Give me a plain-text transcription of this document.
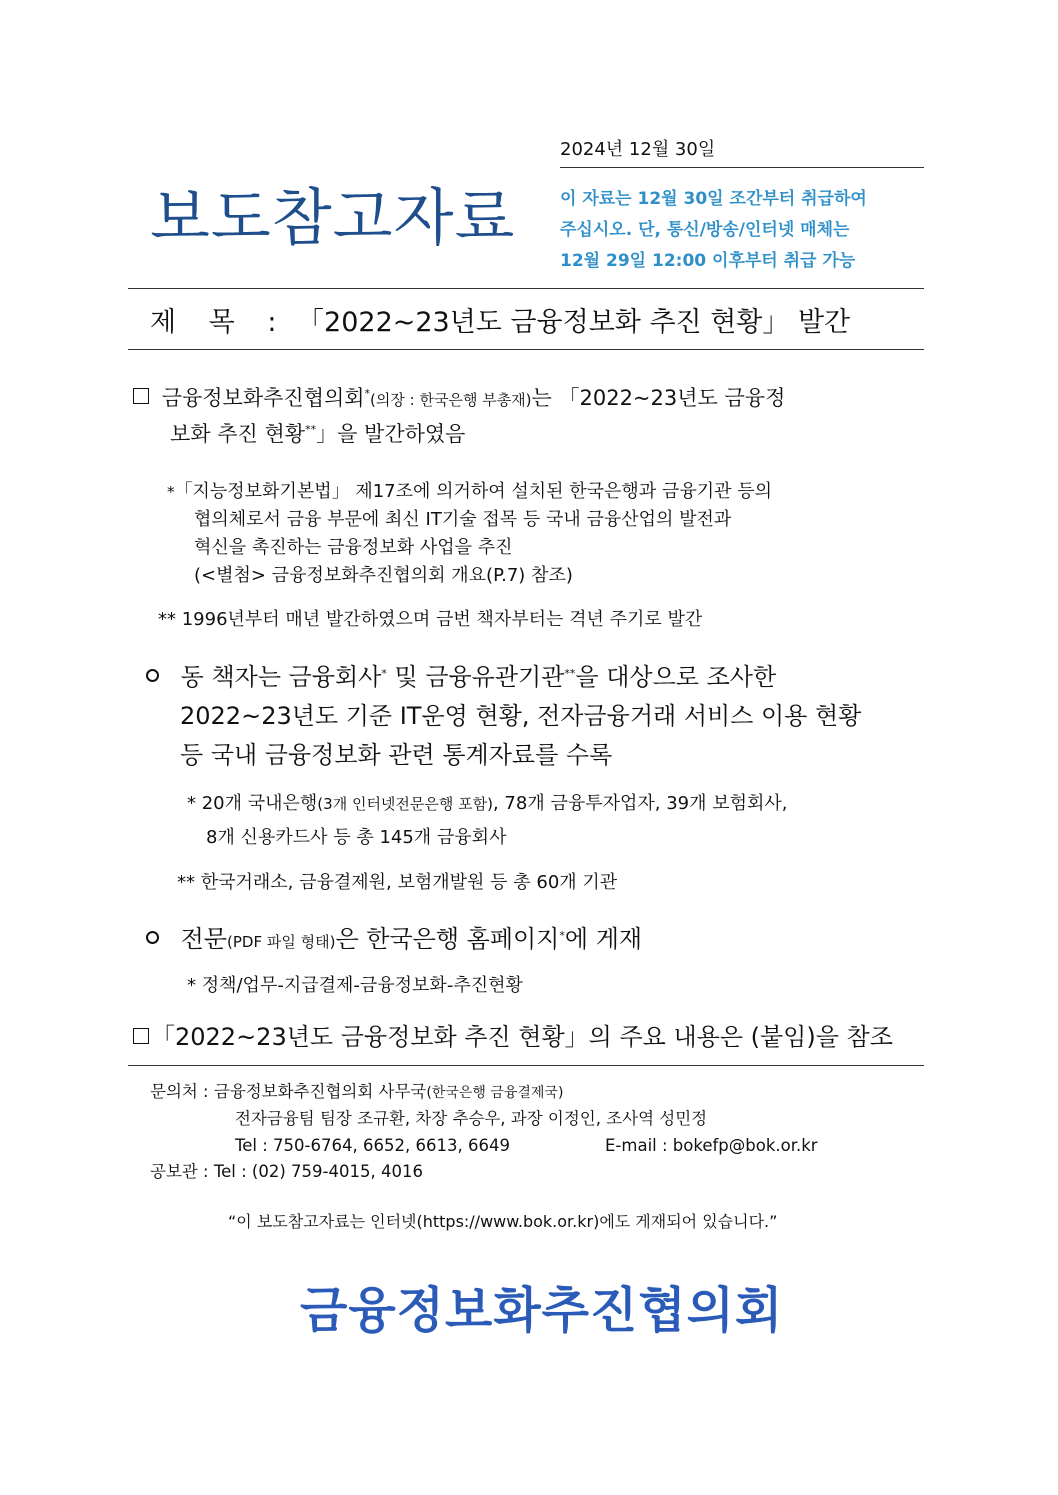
2024년 12월 30일
보도참고자료	이 자료는 12월 30일 조간부터 취급하여
주십시오. 단, 통신/방송/인터넷 매체는
12월 29일 12:00 이후부터 취급 가능
제 목 : 「2022~23년도 금융정보화 추진 현황」 발간
금융정보화추진협의회*(의장 : 한국은행 부총재)는 「2022~23년도 금융정
보화 추진 현황**」을 발간하였음
*「지능정보화기본법」 제17조에 의거하여 설치된 한국은행과 금융기관 등의
협의체로서 금융 부문에 최신 IT기술 접목 등 국내 금융산업의 발전과
혁신을 촉진하는 금융정보화 사업을 추진
(<별첨> 금융정보화추진협의회 개요(P.7) 참조)
** 1996년부터 매년 발간하였으며 금번 책자부터는 격년 주기로 발간
동 책자는 금융회사* 및 금융유관기관**을 대상으로 조사한
2022~23년도 기준 IT운영 현황, 전자금융거래 서비스 이용 현황
등 국내 금융정보화 관련 통계자료를 수록
* 20개 국내은행(3개 인터넷전문은행 포함), 78개 금융투자업자, 39개 보험회사,
8개 신용카드사 등 총 145개 금융회사
** 한국거래소, 금융결제원, 보험개발원 등 총 60개 기관
전문(PDF 파일 형태)은 한국은행 홈페이지*에 게재
* 정책/업무-지급결제-금융정보화-추진현황
「2022~23년도 금융정보화 추진 현황」의 주요 내용은 (붙임)을 참조
문의처 : 금융정보화추진협의회 사무국(한국은행 금융결제국)
전자금융팀 팀장 조규환, 차장 추승우, 과장 이정인, 조사역 성민정
Tel : 750-6764, 6652, 6613, 6649	E-mail : bokefp@bok.or.kr
공보관 : Tel : (02) 759-4015, 4016
“이 보도참고자료는 인터넷(https://www.bok.or.kr)에도 게재되어 있습니다.”
금융정보화추진협의회
